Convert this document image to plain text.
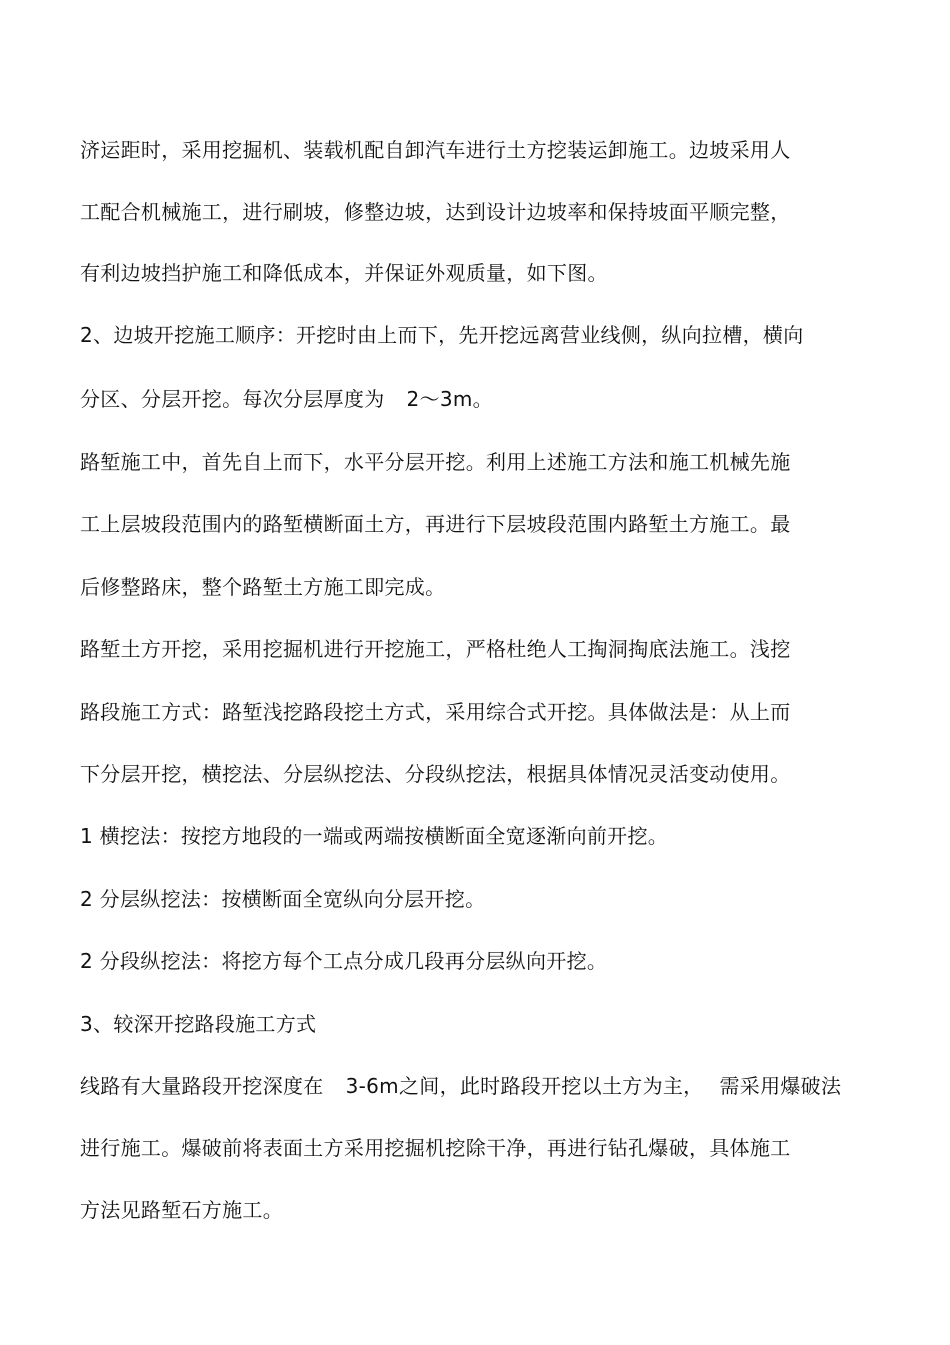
济运距时，采用挖掘机、装载机配自卸汽车进行土方挖装运卸施工。边坡采用人
工配合机械施工，进行刷坡，修整边坡，达到设计边坡率和保持坡面平顺完整，
有利边坡挡护施工和降低成本，并保证外观质量，如下图。
2、边坡开挖施工顺序：开挖时由上而下，先开挖远离营业线侧，纵向拉槽，横向
分区、分层开挖。每次分层厚度为 2～3m。
路堑施工中，首先自上而下，水平分层开挖。利用上述施工方法和施工机械先施
工上层坡段范围内的路堑横断面土方，再进行下层坡段范围内路堑土方施工。最
后修整路床，整个路堑土方施工即完成。
路堑土方开挖，采用挖掘机进行开挖施工，严格杜绝人工掏洞掏底法施工。浅挖
路段施工方式：路堑浅挖路段挖土方式，采用综合式开挖。具体做法是：从上而
下分层开挖，横挖法、分层纵挖法、分段纵挖法，根据具体情况灵活变动使用。
1 横挖法：按挖方地段的一端或两端按横断面全宽逐渐向前开挖。
2 分层纵挖法：按横断面全宽纵向分层开挖。
2 分段纵挖法：将挖方每个工点分成几段再分层纵向开挖。
3、较深开挖路段施工方式
线路有大量路段开挖深度在 3-6m之间，此时路段开挖以土方为主， 需采用爆破法
进行施工。爆破前将表面土方采用挖掘机挖除干净，再进行钻孔爆破，具体施工
方法见路堑石方施工。
